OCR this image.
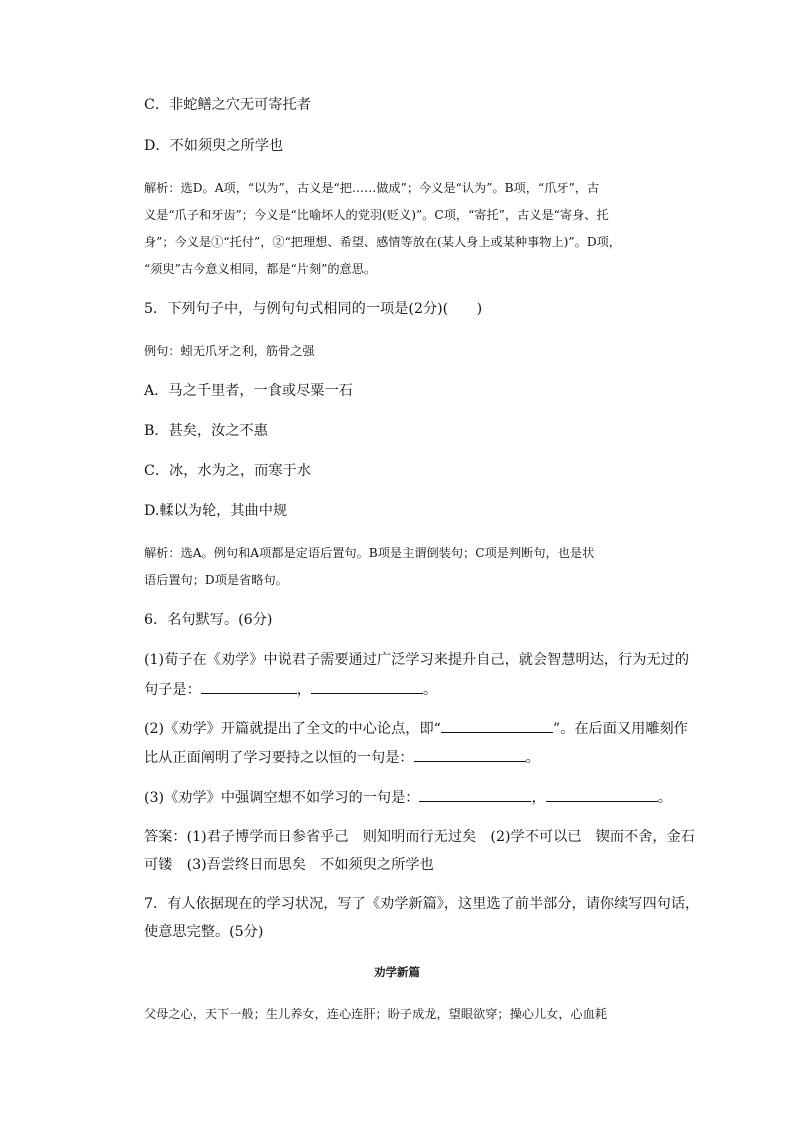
C．非蛇鳝之穴无可寄托者
D．不如须臾之所学也
解析：选D。A项，“以为”，古义是“把……做成”；今义是“认为”。B项，“爪牙”，古
义是“爪子和牙齿”；今义是“比喻坏人的党羽(贬义)”。C项，“寄托”，古义是“寄身、托
身”；今义是①“托付”，②“把理想、希望、感情等放在(某人身上或某种事物上)”。D项，
“须臾”古今意义相同，都是“片刻”的意思。
5．下列句子中，与例句句式相同的一项是(2分)(　　)
例句：蚓无爪牙之利，筋骨之强
A．马之千里者，一食或尽粟一石
B．甚矣，汝之不惠
C．冰，水为之，而寒于水
D.輮以为轮，其曲中规
解析：选A。例句和A项都是定语后置句。B项是主谓倒装句；C项是判断句，也是状
语后置句；D项是省略句。
6．名句默写。(6分)
(1)荀子在《劝学》中说君子需要通过广泛学习来提升自己，就会智慧明达，行为无过的
句子是：	，	。
(2)《劝学》开篇就提出了全文的中心论点，即“	”。在后面又用雕刻作
比从正面阐明了学习要持之以恒的一句是：	。
(3)《劝学》中强调空想不如学习的一句是：	，	。
答案：(1)君子博学而日参省乎己　则知明而行无过矣　(2)学不可以已　锲而不舍，金石
可镂　(3)吾尝终日而思矣　不如须臾之所学也
7．有人依据现在的学习状况，写了《劝学新篇》，这里选了前半部分，请你续写四句话，
使意思完整。(5分)
劝学新篇
父母之心，天下一般；生儿养女，连心连肝；盼子成龙，望眼欲穿；操心儿女，心血耗
